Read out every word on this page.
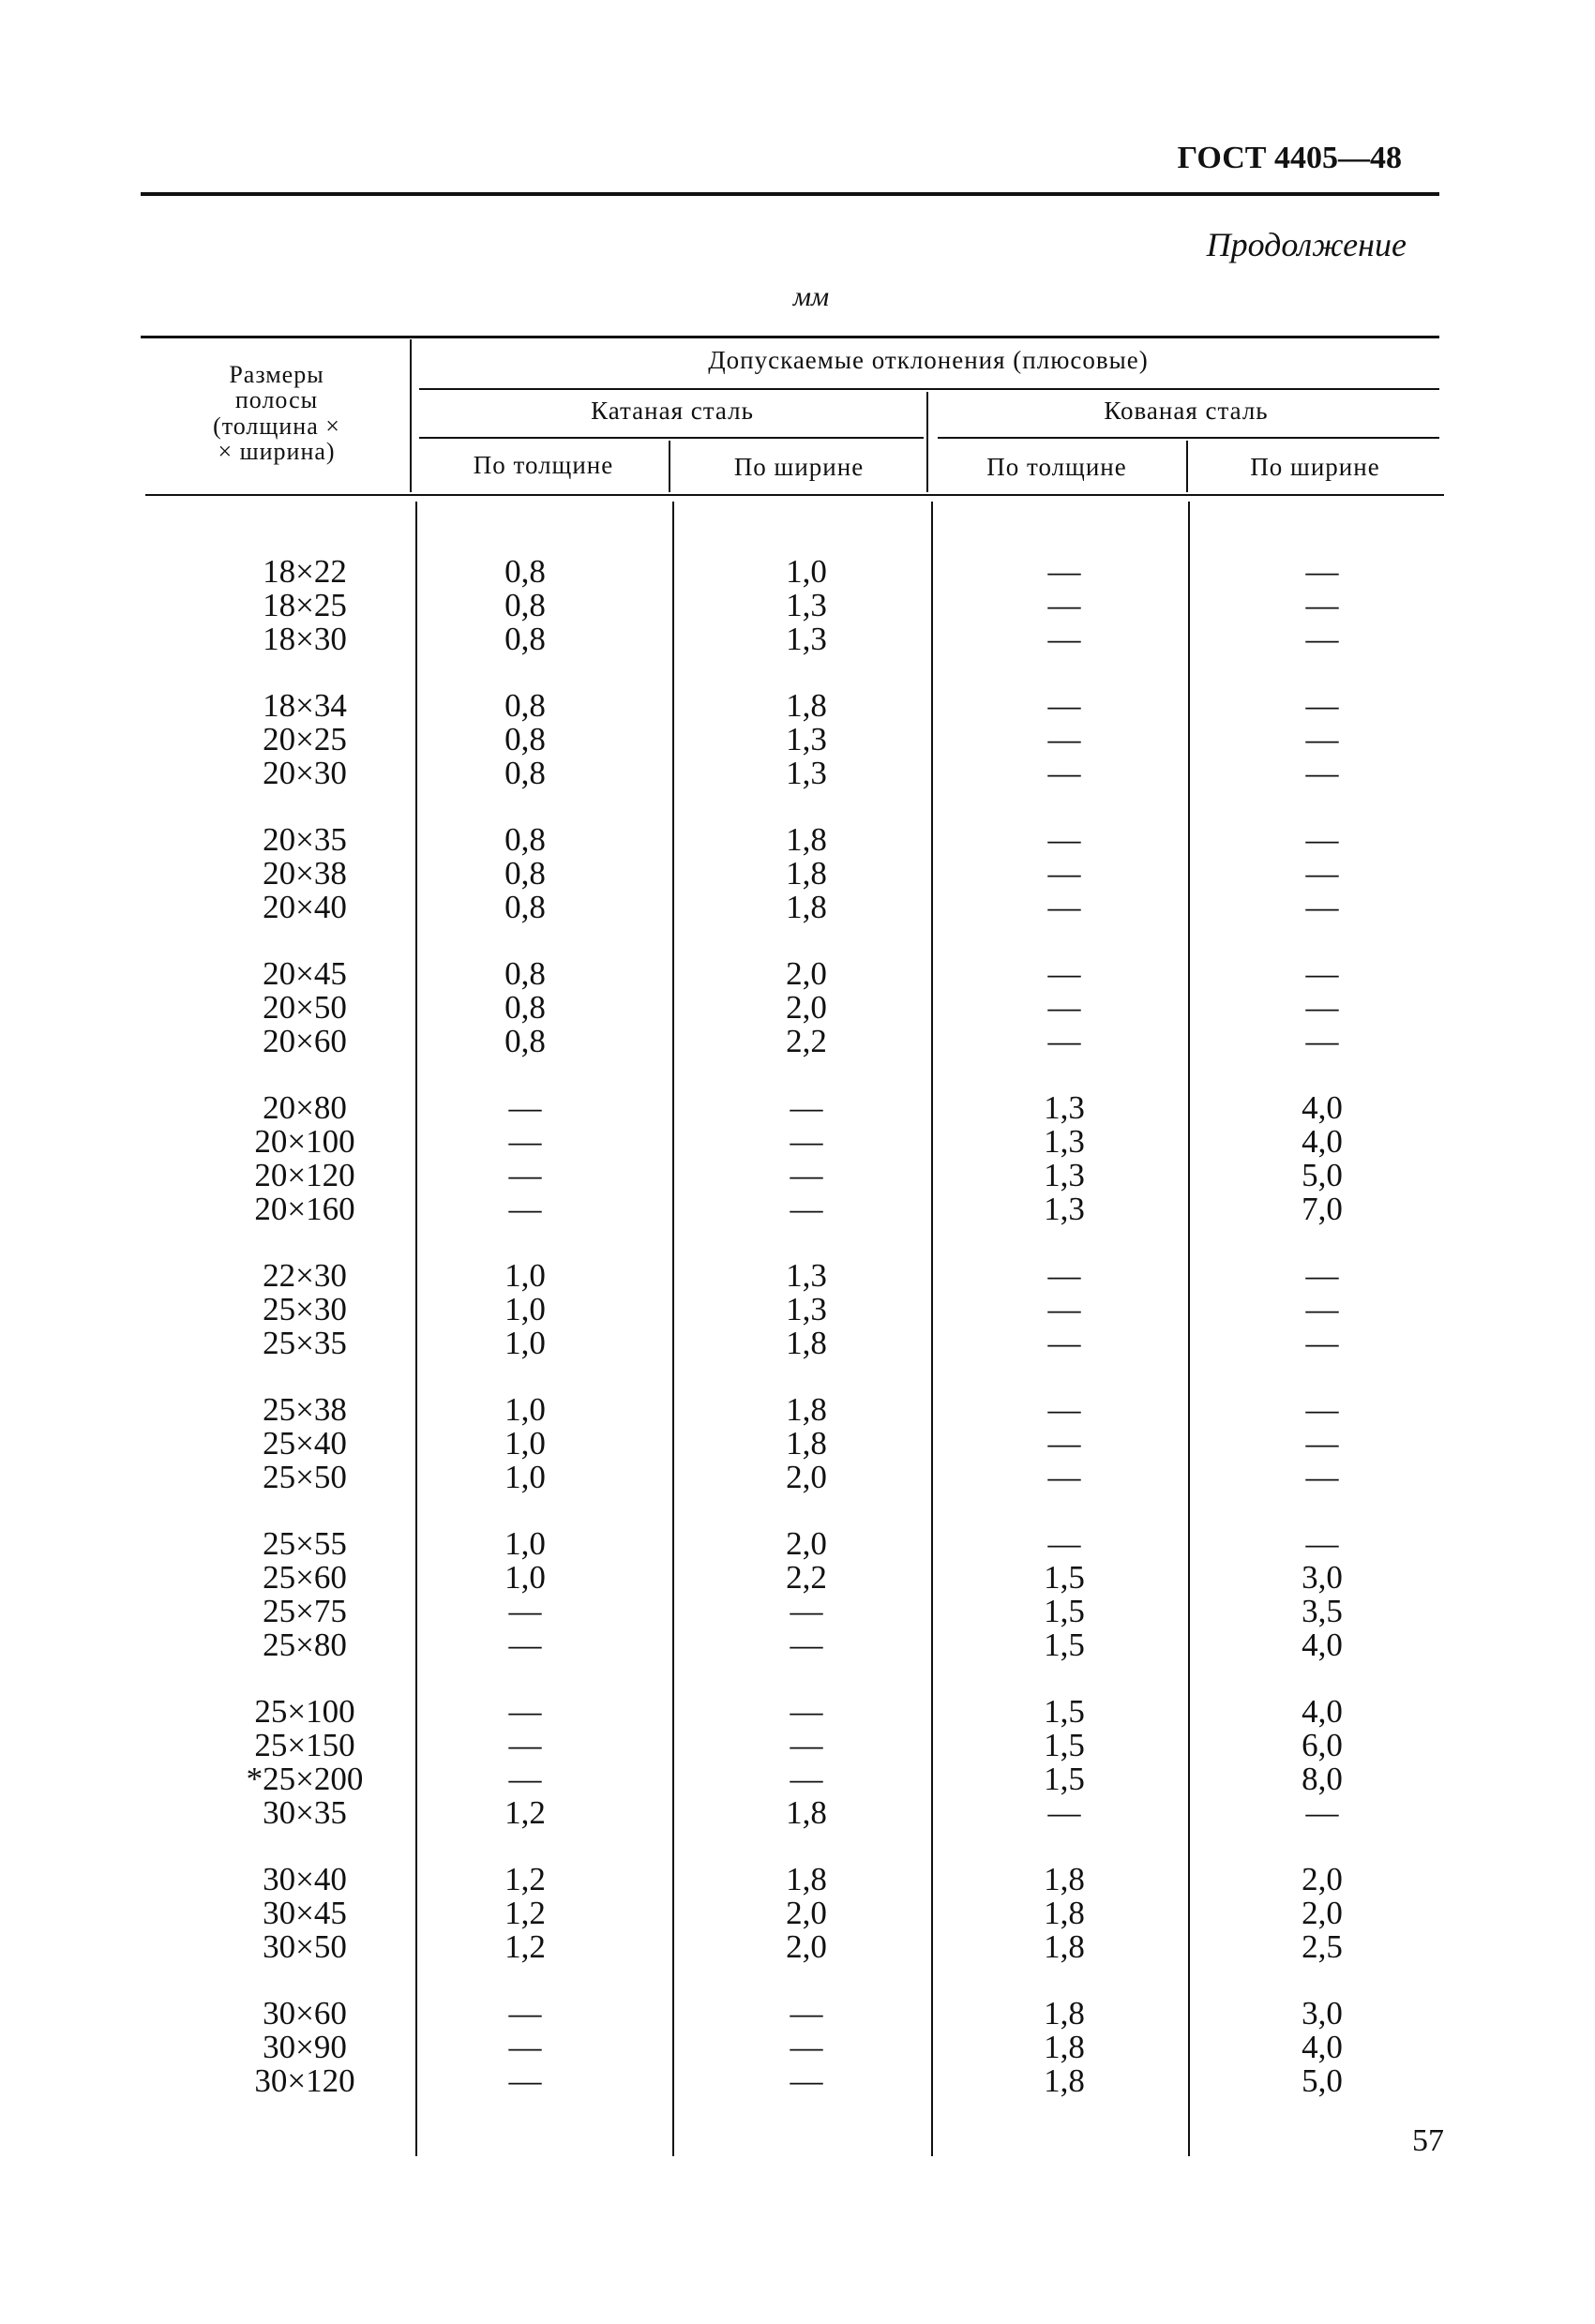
ГОСТ 4405—48
Продолжение
мм
Размеры
полосы
(толщина ×
× ширина)
Допускаемые отклонения (плюсовые)
Катаная сталь	Кованая сталь
По толщине	По ширине	По толщине	По ширине
18×22	0,8	1,0	—	—
18×25	0,8	1,3	—	—
18×30	0,8	1,3	—	—
18×34	0,8	1,8	—	—
20×25	0,8	1,3	—	—
20×30	0,8	1,3	—	—
20×35	0,8	1,8	—	—
20×38	0,8	1,8	—	—
20×40	0,8	1,8	—	—
20×45	0,8	2,0	—	—
20×50	0,8	2,0	—	—
20×60	0,8	2,2	—	—
20×80	—	—	1,3	4,0
20×100	—	—	1,3	4,0
20×120	—	—	1,3	5,0
20×160	—	—	1,3	7,0
22×30	1,0	1,3	—	—
25×30	1,0	1,3	—	—
25×35	1,0	1,8	—	—
25×38	1,0	1,8	—	—
25×40	1,0	1,8	—	—
25×50	1,0	2,0	—	—
25×55	1,0	2,0	—	—
25×60	1,0	2,2	1,5	3,0
25×75	—	—	1,5	3,5
25×80	—	—	1,5	4,0
25×100	—	—	1,5	4,0
25×150	—	—	1,5	6,0
*25×200	—	—	1,5	8,0
30×35	1,2	1,8	—	—
30×40	1,2	1,8	1,8	2,0
30×45	1,2	2,0	1,8	2,0
30×50	1,2	2,0	1,8	2,5
30×60	—	—	1,8	3,0
30×90	—	—	1,8	4,0
30×120	—	—	1,8	5,0
57
